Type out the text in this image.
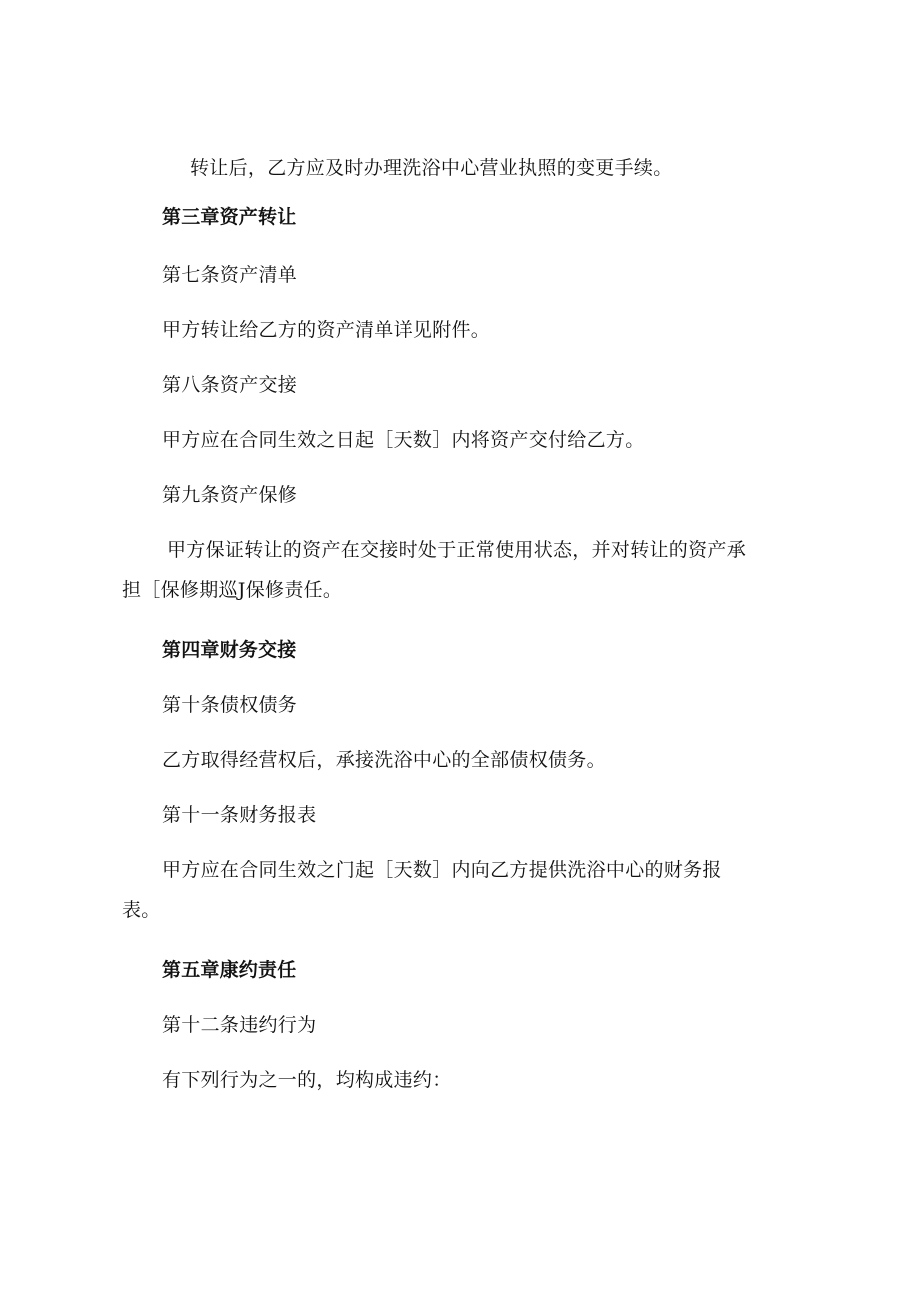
转让后，乙方应及时办理洗浴中心营业执照的变更手续。

第三章资产转让

第七条资产清单

甲方转让给乙方的资产清单详见附件。

第八条资产交接

甲方应在合同生效之日起［天数］内将资产交付给乙方。

第九条资产保修

甲方保证转让的资产在交接时处于正常使用状态，并对转让的资产承

担［保修期巡J保修责任。

第四章财务交接

第十条债权债务

乙方取得经营权后，承接洗浴中心的全部债权债务。

第十一条财务报表

甲方应在合同生效之门起［天数］内向乙方提供洗浴中心的财务报

表。

第五章康约责任

第十二条违约行为

有下列行为之一的，均构成违约：
